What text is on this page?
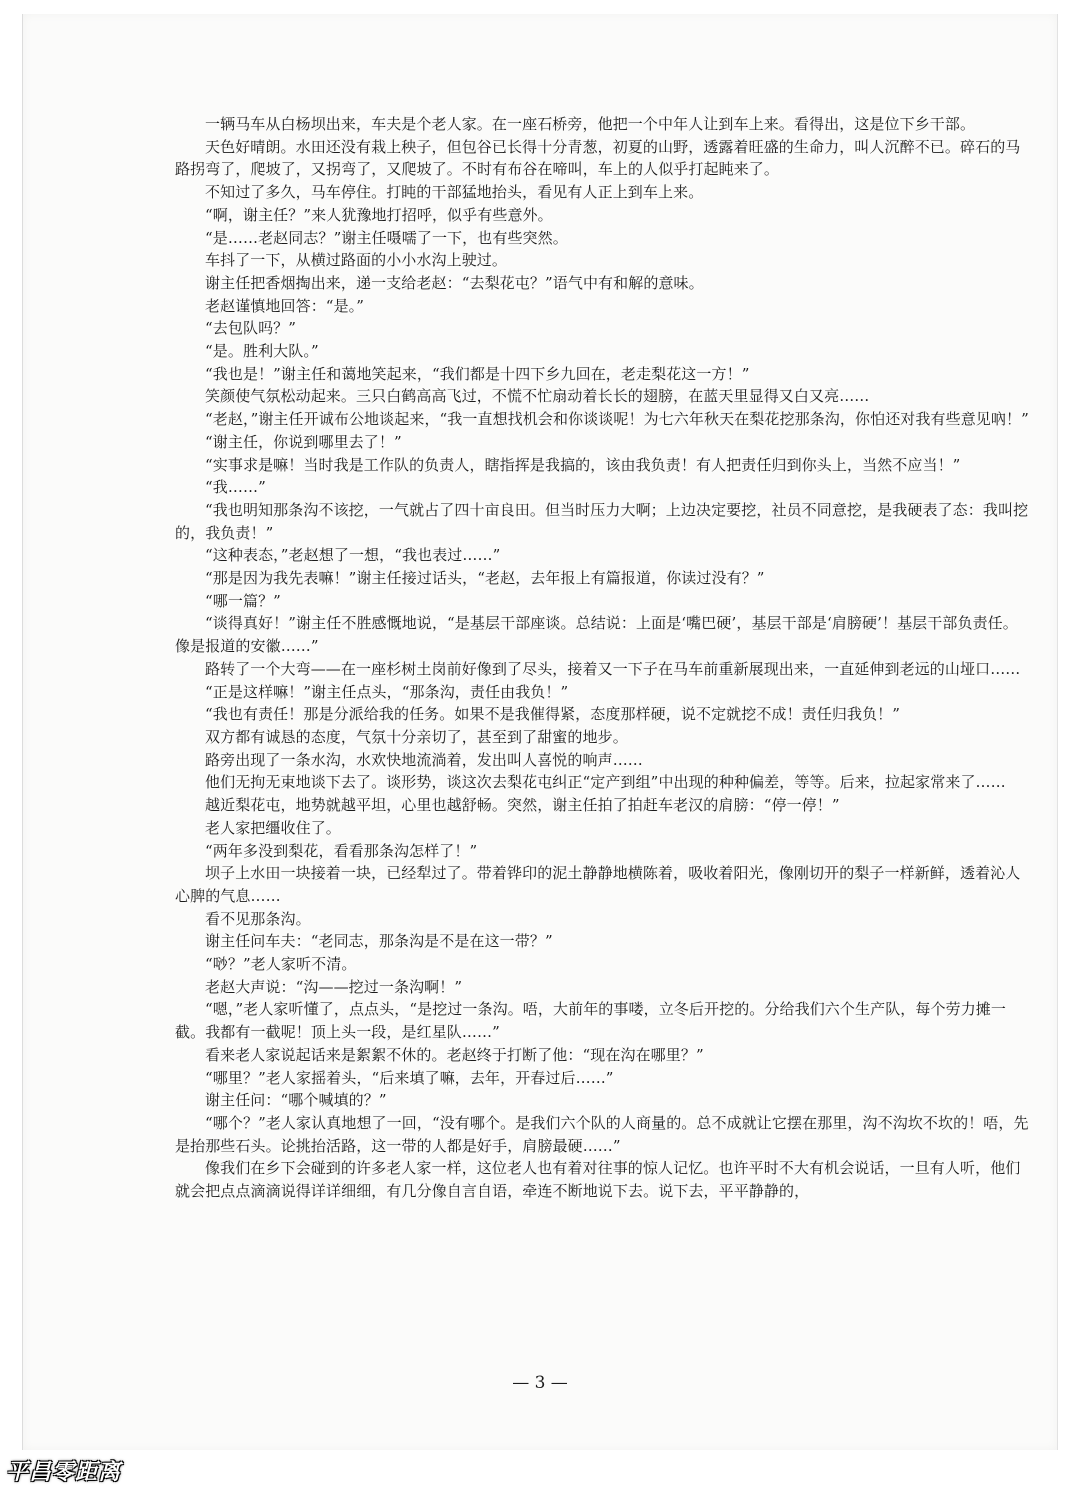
一辆马车从白杨坝出来，车夫是个老人家。在一座石桥旁，他把一个中年人让到车上来。看得出，这是位下乡干部。

天色好晴朗。水田还没有栽上秧子，但包谷已长得十分青葱，初夏的山野，透露着旺盛的生命力，叫人沉醉不已。碎石的马路拐弯了，爬坡了，又拐弯了，又爬坡了。不时有布谷在啼叫，车上的人似乎打起盹来了。

不知过了多久，马车停住。打盹的干部猛地抬头，看见有人正上到车上来。

“啊，谢主任？”来人犹豫地打招呼，似乎有些意外。

“是……老赵同志？”谢主任嗫嚅了一下，也有些突然。

车抖了一下，从横过路面的小小水沟上驶过。

谢主任把香烟掏出来，递一支给老赵：“去梨花屯？”语气中有和解的意味。

老赵谨慎地回答：“是。”

“去包队吗？”

“是。胜利大队。”

“我也是！”谢主任和蔼地笑起来，“我们都是十四下乡九回在，老走梨花这一方！”

笑颜使气氛松动起来。三只白鹤高高飞过，不慌不忙扇动着长长的翅膀，在蓝天里显得又白又亮……

“老赵，”谢主任开诚布公地谈起来，“我一直想找机会和你谈谈呢！为七六年秋天在梨花挖那条沟，你怕还对我有些意见吶！”

“谢主任，你说到哪里去了！”

“实事求是嘛！当时我是工作队的负责人，瞎指挥是我搞的，该由我负责！有人把责任归到你头上，当然不应当！”

“我……”

“我也明知那条沟不该挖，一气就占了四十亩良田。但当时压力大啊；上边决定要挖，社员不同意挖，是我硬表了态：我叫挖的，我负责！”

“这种表态，”老赵想了一想，“我也表过……”

“那是因为我先表嘛！”谢主任接过话头，“老赵，去年报上有篇报道，你读过没有？”

“哪一篇？”

“谈得真好！”谢主任不胜感慨地说，“是基层干部座谈。总结说：上面是‘嘴巴硬’，基层干部是‘肩膀硬’！基层干部负责任。像是报道的安徽……”

路转了一个大弯——在一座杉树土岗前好像到了尽头，接着又一下子在马车前重新展现出来，一直延伸到老远的山垭口……

“正是这样嘛！”谢主任点头，“那条沟，责任由我负！”

“我也有责任！那是分派给我的任务。如果不是我催得紧，态度那样硬，说不定就挖不成！责任归我负！”

双方都有诚恳的态度，气氛十分亲切了，甚至到了甜蜜的地步。

路旁出现了一条水沟，水欢快地流淌着，发出叫人喜悦的响声……

他们无拘无束地谈下去了。谈形势，谈这次去梨花屯纠正“定产到组”中出现的种种偏差，等等。后来，拉起家常来了……

越近梨花屯，地势就越平坦，心里也越舒畅。突然，谢主任拍了拍赶车老汉的肩膀：“停一停！”

老人家把缰收住了。

“两年多没到梨花，看看那条沟怎样了！”

坝子上水田一块接着一块，已经犁过了。带着铧印的泥土静静地横陈着，吸收着阳光，像刚切开的梨子一样新鲜，透着沁人心脾的气息……

看不见那条沟。

谢主任问车夫：“老同志，那条沟是不是在这一带？”

“唦？”老人家听不清。

老赵大声说：“沟——挖过一条沟啊！”

“嗯，”老人家听懂了，点点头，“是挖过一条沟。唔，大前年的事喽，立冬后开挖的。分给我们六个生产队，每个劳力摊一截。我都有一截呢！顶上头一段，是红星队……”

看来老人家说起话来是絮絮不休的。老赵终于打断了他：“现在沟在哪里？”

“哪里？”老人家摇着头，“后来填了嘛，去年，开春过后……”

谢主任问：“哪个喊填的？”

“哪个？”老人家认真地想了一回，“没有哪个。是我们六个队的人商量的。总不成就让它摆在那里，沟不沟坎不坎的！唔，先是抬那些石头。论挑抬活路，这一带的人都是好手，肩膀最硬……”

像我们在乡下会碰到的许多老人家一样，这位老人也有着对往事的惊人记忆。也许平时不大有机会说话，一旦有人听，他们就会把点点滴滴说得详详细细，有几分像自言自语，牵连不断地说下去。说下去，平平静静的，

— 3 —
平昌零距离
